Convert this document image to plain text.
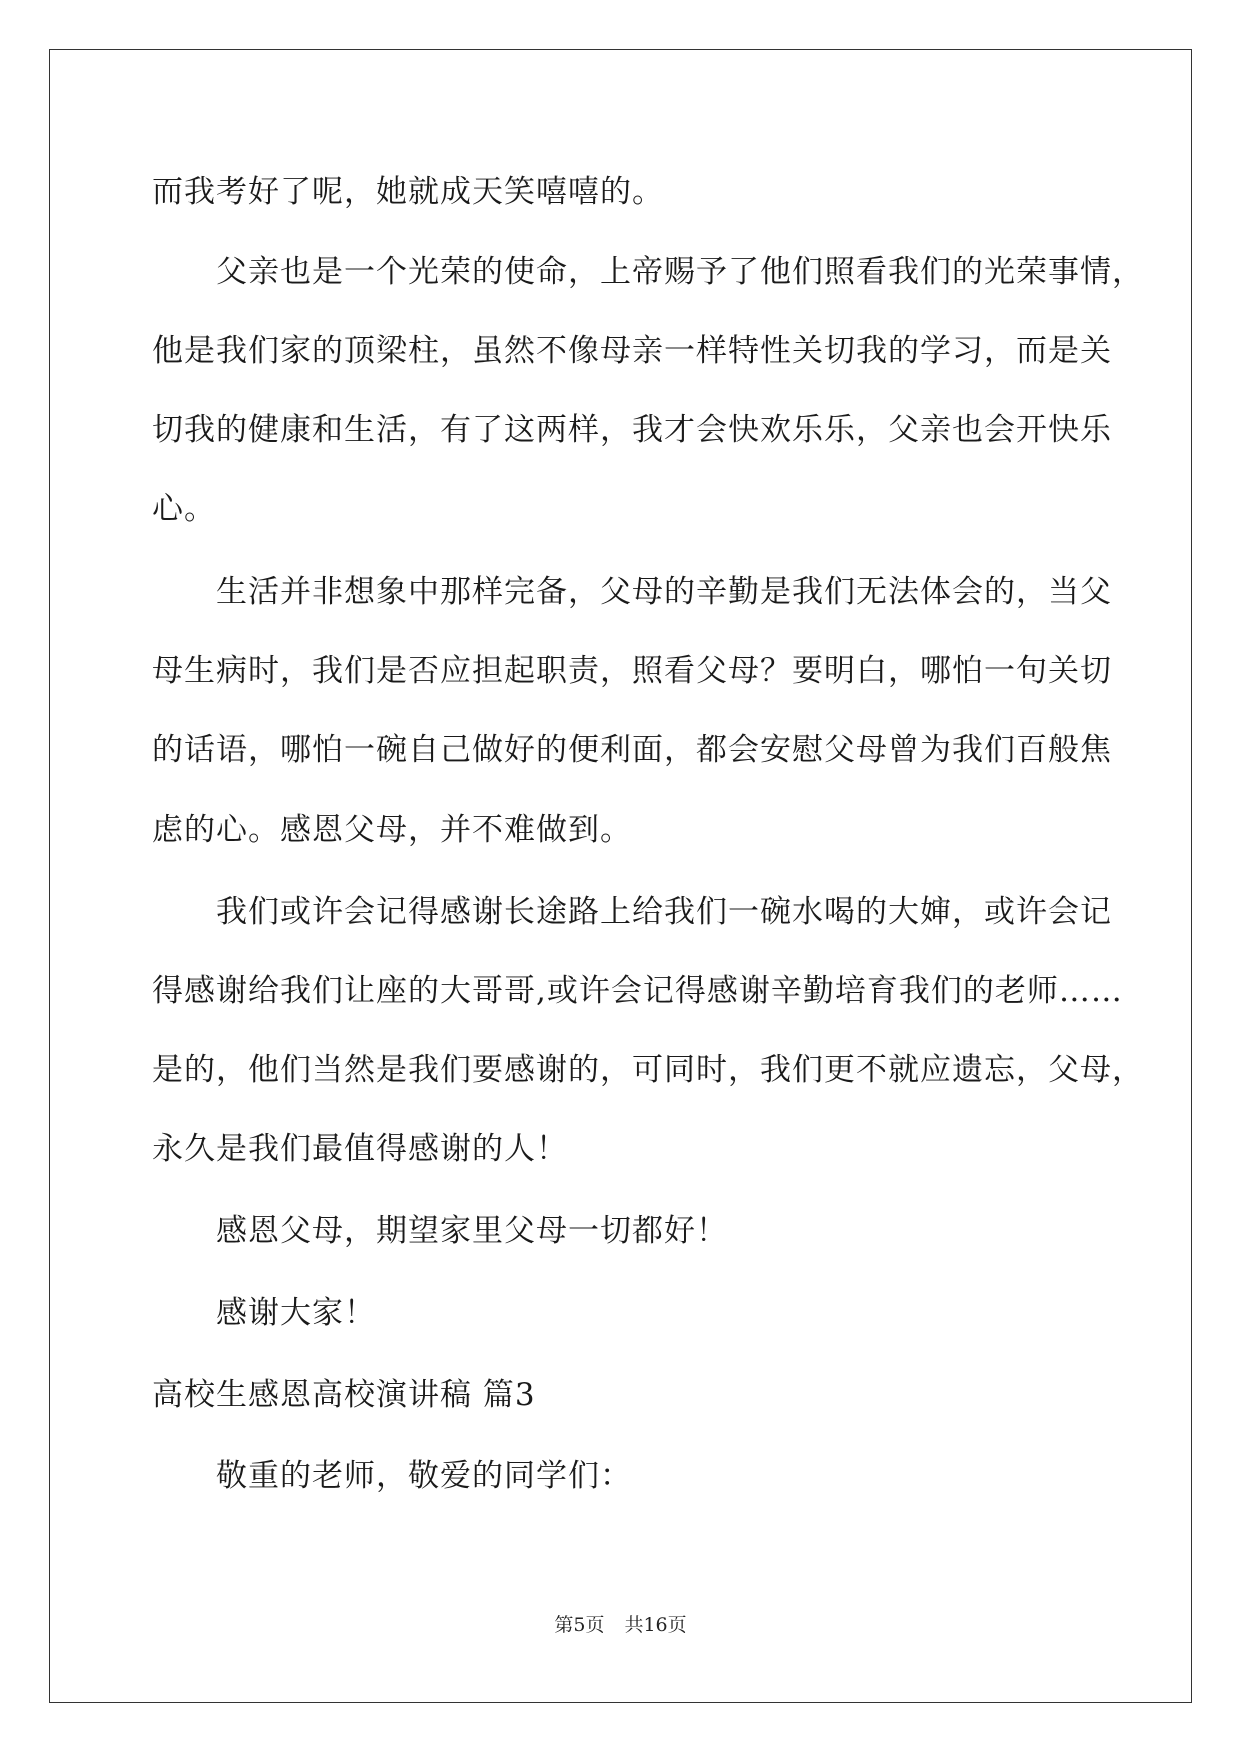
而我考好了呢，她就成天笑嘻嘻的。
　　父亲也是一个光荣的使命，上帝赐予了他们照看我们的光荣事情，
他是我们家的顶梁柱，虽然不像母亲一样特性关切我的学习，而是关
切我的健康和生活，有了这两样，我才会快欢乐乐，父亲也会开快乐
心。
　　生活并非想象中那样完备，父母的辛勤是我们无法体会的，当父
母生病时，我们是否应担起职责，照看父母？要明白，哪怕一句关切
的话语，哪怕一碗自己做好的便利面，都会安慰父母曾为我们百般焦
虑的心。感恩父母，并不难做到。
　　我们或许会记得感谢长途路上给我们一碗水喝的大婶，或许会记
得感谢给我们让座的大哥哥,或许会记得感谢辛勤培育我们的老师……
是的，他们当然是我们要感谢的，可同时，我们更不就应遗忘，父母，
永久是我们最值得感谢的人！
　　感恩父母，期望家里父母一切都好！
　　感谢大家！
高校生感恩高校演讲稿 篇3
　　敬重的老师，敬爱的同学们：
第5页 共16页
